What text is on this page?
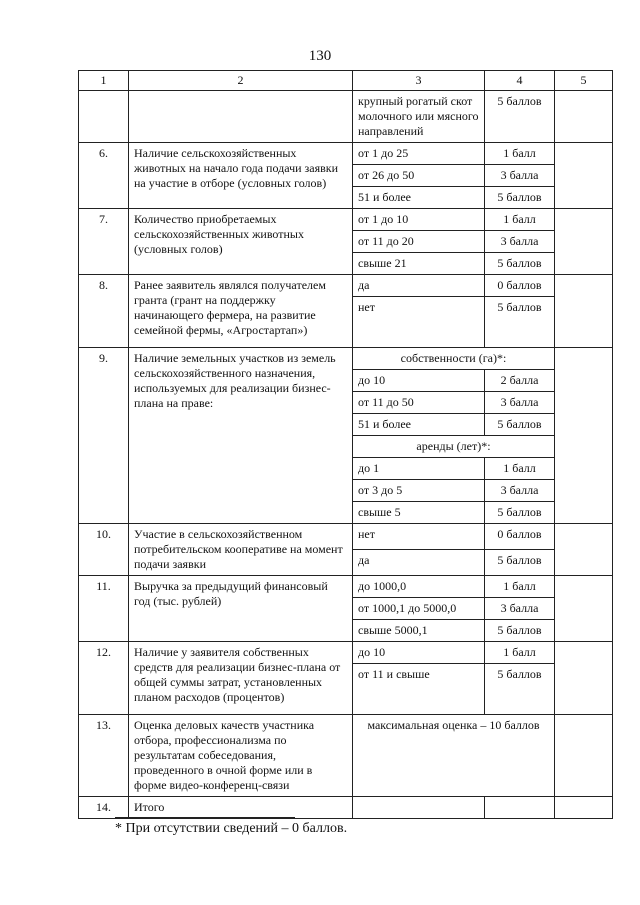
130
1	2	3	4	5
		крупный рогатый скот молочного или мясного направлений	5 баллов	
6.	Наличие сельскохозяйственных животных на начало года подачи заявки на участие в отборе (условных голов)	от 1 до 25	1 балл	
		от 26 до 50	3 балла	
		51 и более	5 баллов	
7.	Количество приобретаемых сельскохозяйственных животных (условных голов)	от 1 до 10	1 балл	
		от 11 до 20	3 балла	
		свыше 21	5 баллов	
8.	Ранее заявитель являлся получателем гранта (грант на поддержку начинающего фермера, на развитие семейной фермы, «Агростартап»)	да	0 баллов	
		нет	5 баллов	
9.	Наличие земельных участков из земель сельскохозяйственного назначения, используемых для реализации бизнес-плана на праве:	собственности (га)*:		
		до 10	2 балла	
		от 11 до 50	3 балла	
		51 и более	5 баллов	
		аренды (лет)*:		
		до 1	1 балл	
		от 3 до 5	3 балла	
		свыше 5	5 баллов	
10.	Участие в сельскохозяйственном потребительском кооперативе на момент подачи заявки	нет	0 баллов	
		да	5 баллов	
11.	Выручка за предыдущий финансовый год (тыс. рублей)	до 1000,0	1 балл	
		от 1000,1 до 5000,0	3 балла	
		свыше 5000,1	5 баллов	
12.	Наличие у заявителя собственных средств для реализации бизнес-плана от общей суммы затрат, установленных планом расходов (процентов)	до 10	1 балл	
		от 11 и свыше	5 баллов	
13.	Оценка деловых качеств участника отбора, профессионализма по результатам собеседования, проведенного в очной форме или в форме видео-конференц-связи	максимальная оценка – 10 баллов		
14.	Итого			
* При отсутствии сведений – 0 баллов.
